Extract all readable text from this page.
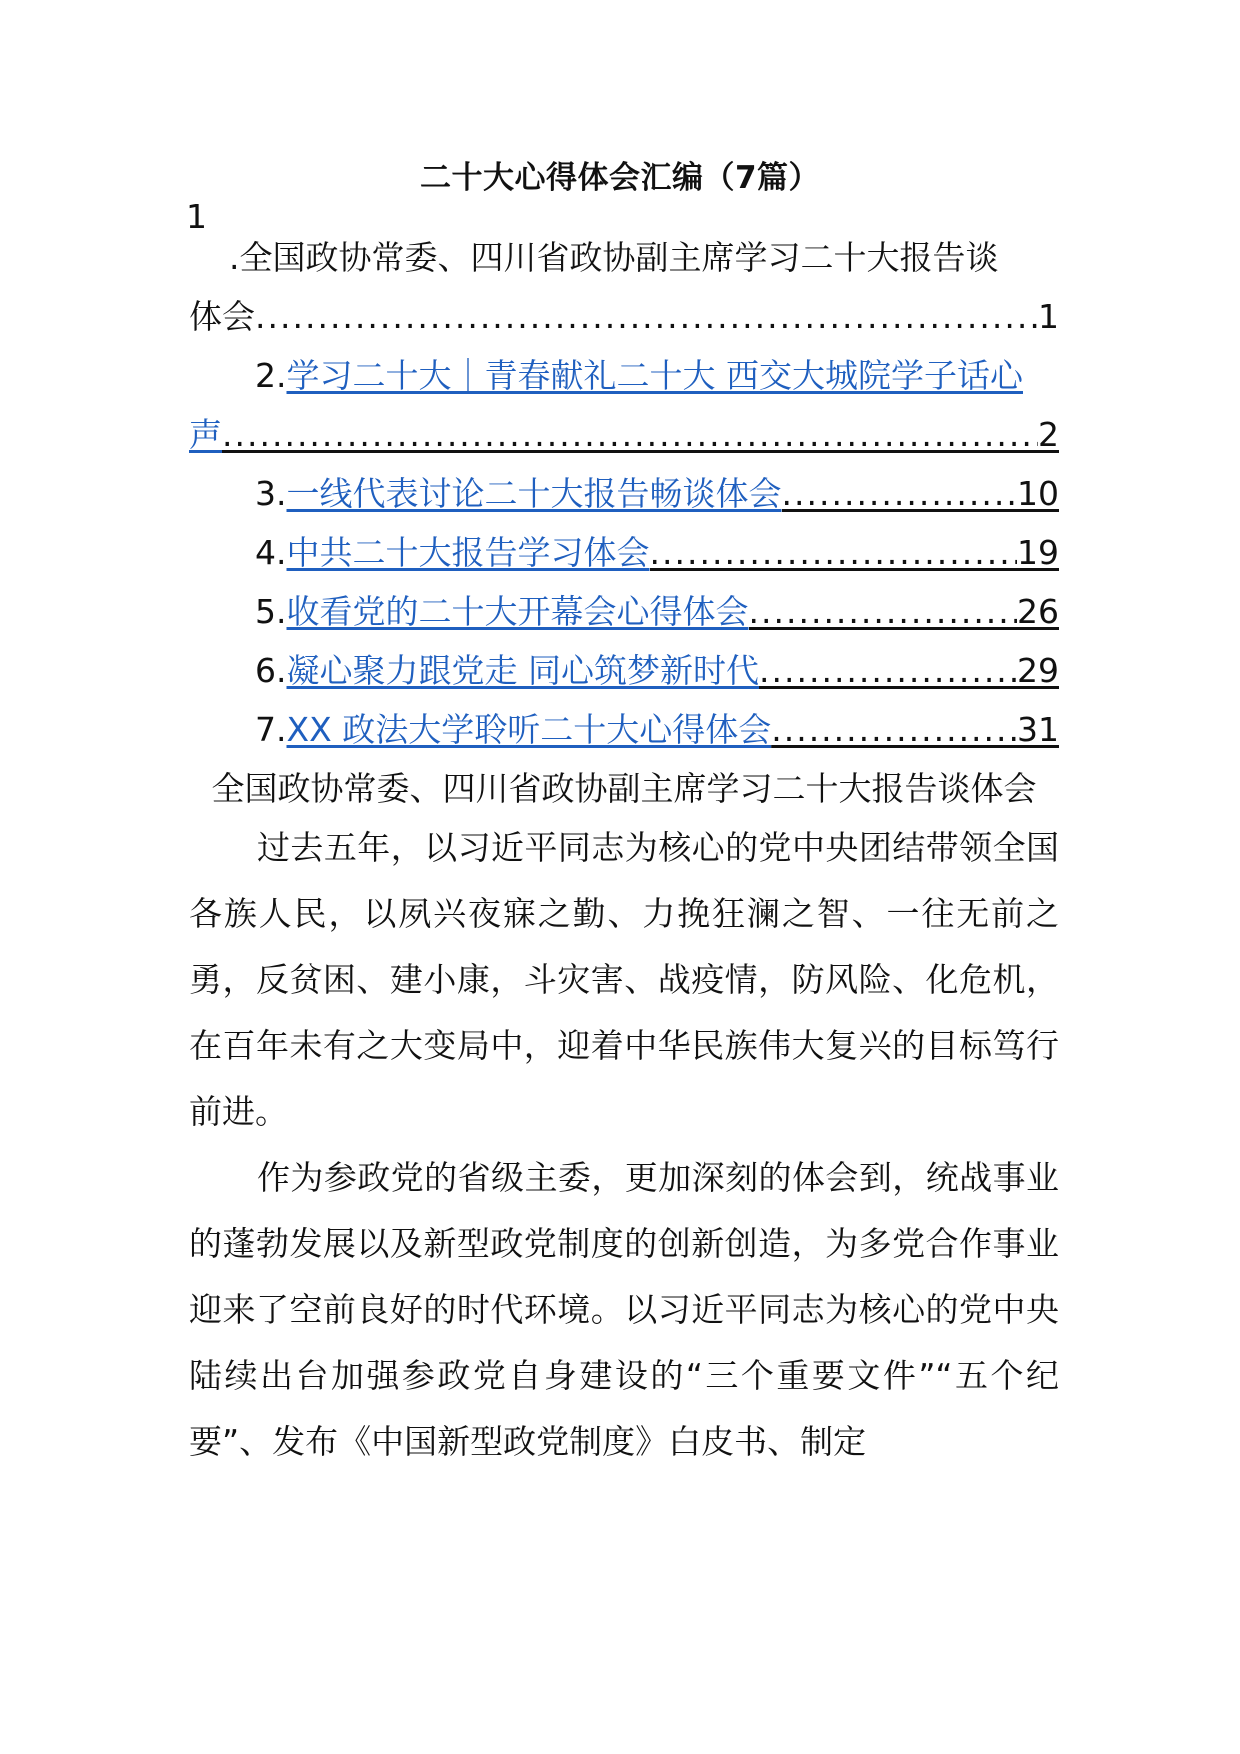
二十大心得体会汇编（7篇）
1
.全国政协常委、四川省政协副主席学习二十大报告谈
体会 .....	1
2.学习二十大｜青春献礼二十大 西交大城院学子话心
声 .....	2
3. 一线代表讨论二十大报告畅谈体会 .....	10
4. 中共二十大报告学习体会 .....	19
5. 收看党的二十大开幕会心得体会 .....	26
6. 凝心聚力跟党走 同心筑梦新时代 .....	29
7. XX 政法大学聆听二十大心得体会 .....	31
全国政协常委、四川省政协副主席学习二十大报告谈体会
过去五年，以习近平同志为核心的党中央团结带领全国各族人民，以夙兴夜寐之勤、力挽狂澜之智、一往无前之勇，反贫困、建小康，斗灾害、战疫情，防风险、化危机，在百年未有之大变局中，迎着中华民族伟大复兴的目标笃行前进。
作为参政党的省级主委，更加深刻的体会到，统战事业的蓬勃发展以及新型政党制度的创新创造，为多党合作事业迎来了空前良好的时代环境。以习近平同志为核心的党中央陆续出台加强参政党自身建设的“三个重要文件”“五个纪要”、发布《中国新型政党制度》白皮书、制定
